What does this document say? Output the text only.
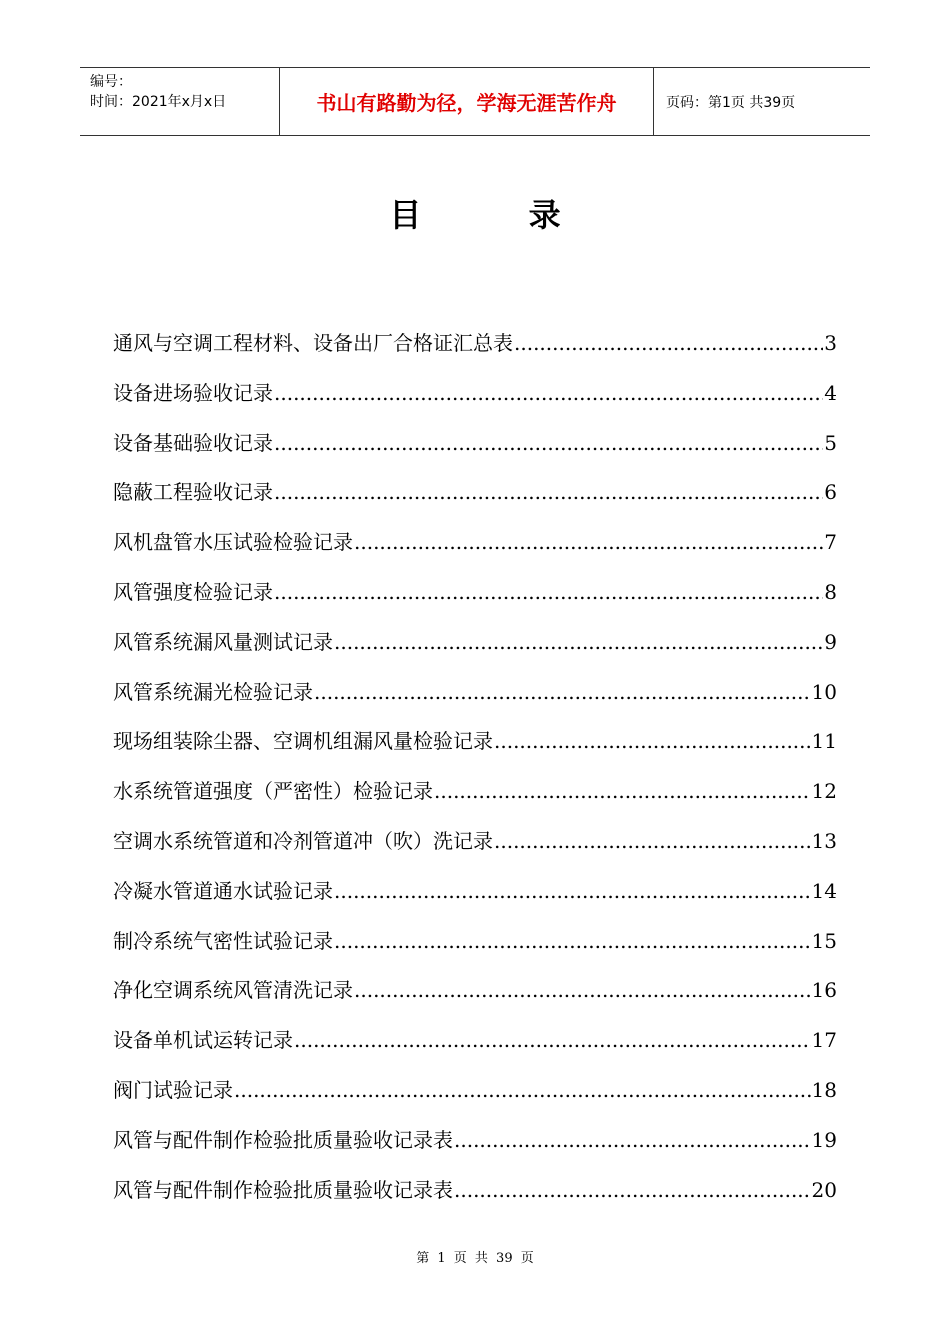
编号：
时间：2021年x月x日	书山有路勤为径，学海无涯苦作舟	页码：第1页 共39页
目 录
通风与空调工程材料、设备出厂合格证汇总表 .....	3
设备进场验收记录 .....	4
设备基础验收记录 .....	5
隐蔽工程验收记录 .....	6
风机盘管水压试验检验记录 .....	7
风管强度检验记录 .....	8
风管系统漏风量测试记录 .....	9
风管系统漏光检验记录 .....	10
现场组装除尘器、空调机组漏风量检验记录 .....	11
水系统管道强度（严密性）检验记录 .....	12
空调水系统管道和冷剂管道冲（吹）洗记录 .....	13
冷凝水管道通水试验记录 .....	14
制冷系统气密性试验记录 .....	15
净化空调系统风管清洗记录 .....	16
设备单机试运转记录 .....	17
阀门试验记录 .....	18
风管与配件制作检验批质量验收记录表 .....	19
风管与配件制作检验批质量验收记录表 .....	20
第 1 页 共 39 页
